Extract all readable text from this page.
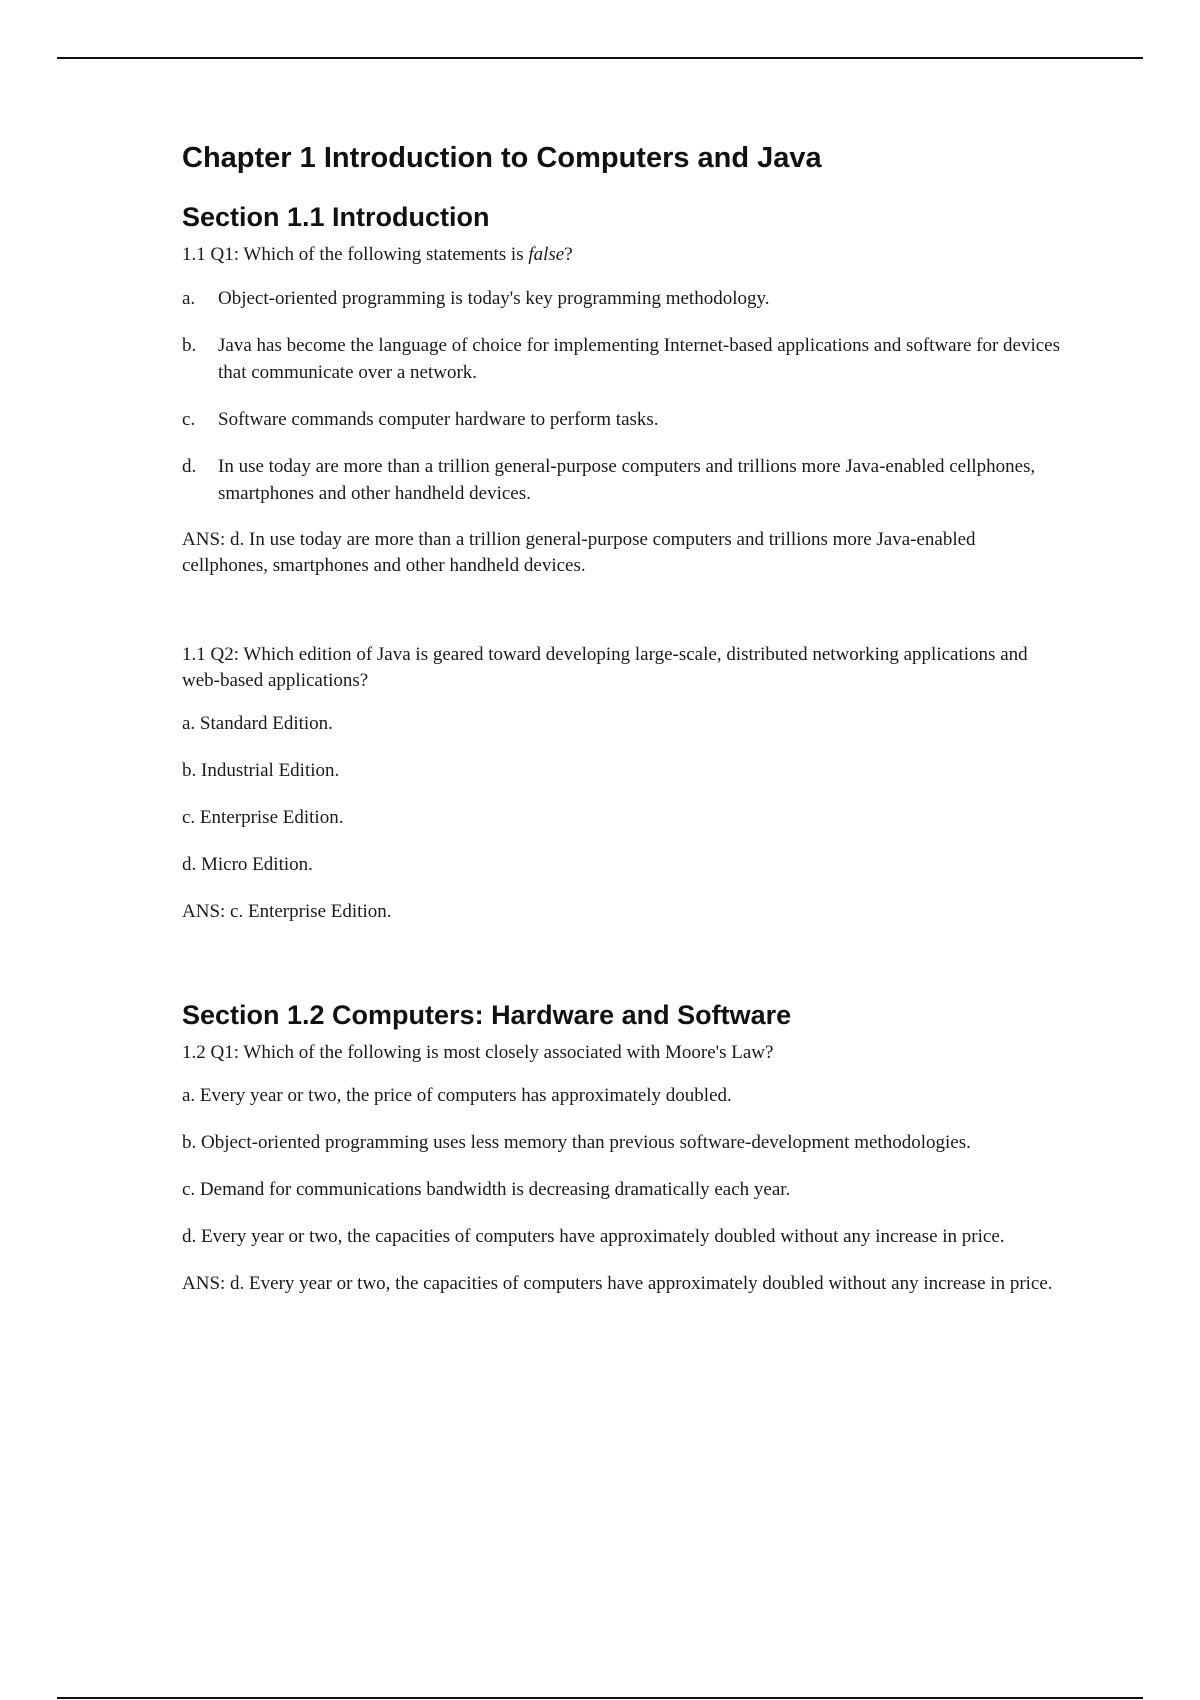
Chapter 1 Introduction to Computers and Java
Section 1.1 Introduction

1.1 Q1: Which of the following statements is false?

a.	Object-oriented programming is today's key programming methodology.
b.	Java has become the language of choice for implementing Internet-based applications and software for devices that communicate over a network.
c.	Software commands computer hardware to perform tasks.
d.	In use today are more than a trillion general-purpose computers and trillions more Java-enabled cellphones, smartphones and other handheld devices.

ANS: d. In use today are more than a trillion general-purpose computers and trillions more Java-enabled cellphones, smartphones and other handheld devices.

1.1 Q2: Which edition of Java is geared toward developing large-scale, distributed networking applications and web-based applications?

a. Standard Edition.

b. Industrial Edition.

c. Enterprise Edition.

d. Micro Edition.

ANS: c. Enterprise Edition.

Section 1.2 Computers: Hardware and Software

1.2 Q1: Which of the following is most closely associated with Moore's Law?

a. Every year or two, the price of computers has approximately doubled.

b. Object-oriented programming uses less memory than previous software-development methodologies.

c. Demand for communications bandwidth is decreasing dramatically each year.

d. Every year or two, the capacities of computers have approximately doubled without any increase in price.

ANS: d. Every year or two, the capacities of computers have approximately doubled without any increase in price.
